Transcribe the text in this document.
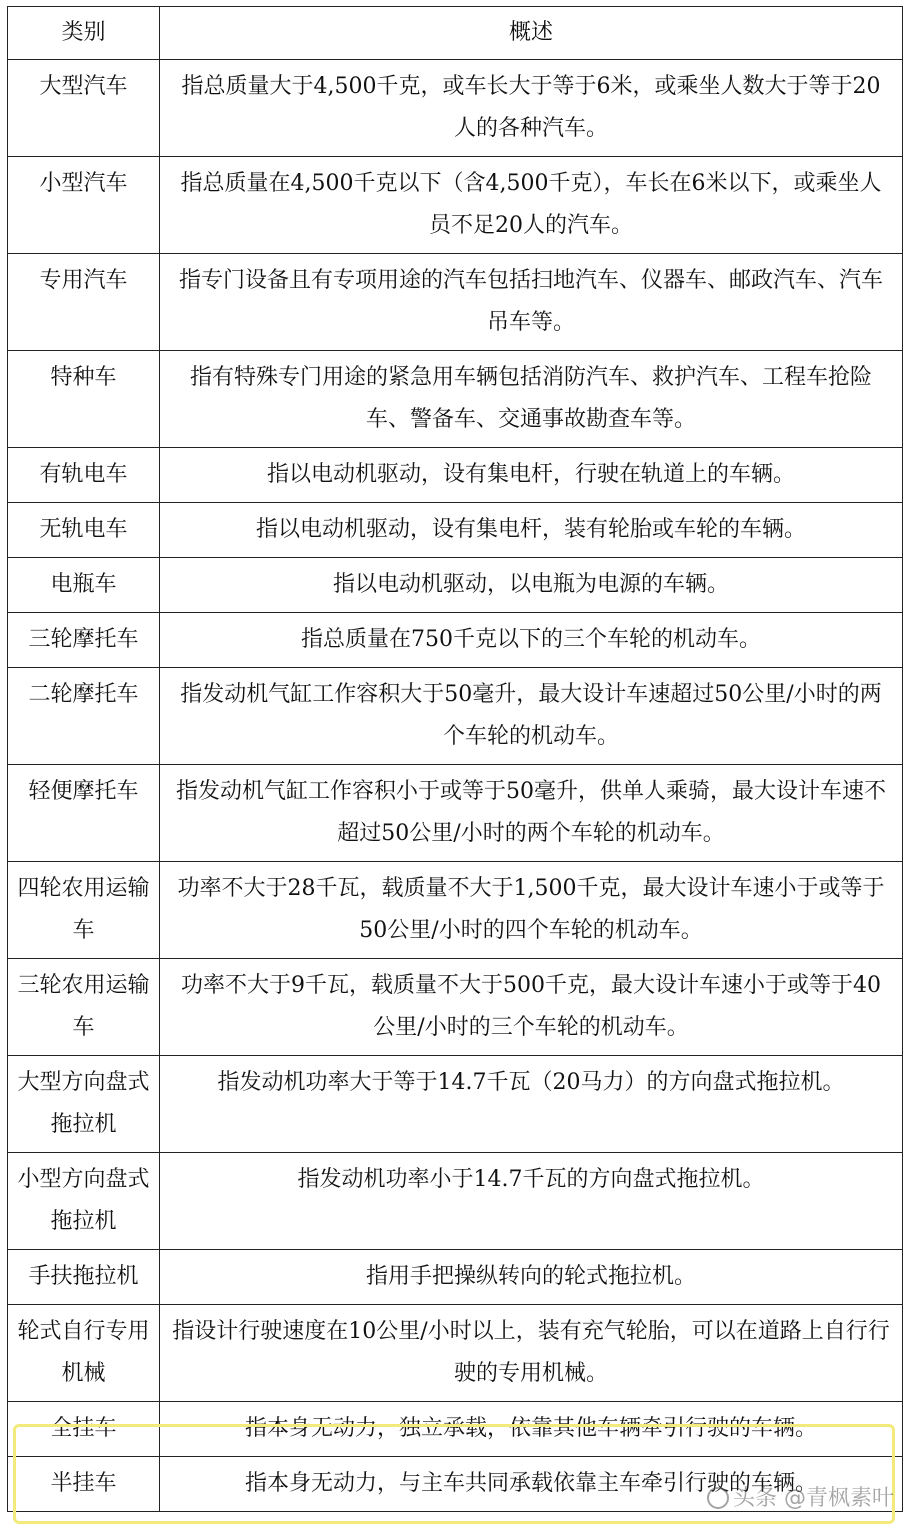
类别	概述
大型汽车	指总质量大于4,500千克，或车长大于等于6米，或乘坐人数大于等于20人的各种汽车。
小型汽车	指总质量在4,500千克以下（含4,500千克），车长在6米以下，或乘坐人员不足20人的汽车。
专用汽车	指专门设备且有专项用途的汽车包括扫地汽车、仪器车、邮政汽车、汽车吊车等。
特种车	指有特殊专门用途的紧急用车辆包括消防汽车、救护汽车、工程车抢险车、警备车、交通事故勘查车等。
有轨电车	指以电动机驱动，设有集电杆，行驶在轨道上的车辆。
无轨电车	指以电动机驱动，设有集电杆，装有轮胎或车轮的车辆。
电瓶车	指以电动机驱动，以电瓶为电源的车辆。
三轮摩托车	指总质量在750千克以下的三个车轮的机动车。
二轮摩托车	指发动机气缸工作容积大于50毫升，最大设计车速超过50公里/小时的两个车轮的机动车。
轻便摩托车	指发动机气缸工作容积小于或等于50毫升，供单人乘骑，最大设计车速不超过50公里/小时的两个车轮的机动车。
四轮农用运输车	功率不大于28千瓦，载质量不大于1,500千克，最大设计车速小于或等于50公里/小时的四个车轮的机动车。
三轮农用运输车	功率不大于9千瓦，载质量不大于500千克，最大设计车速小于或等于40公里/小时的三个车轮的机动车。
大型方向盘式拖拉机	指发动机功率大于等于14.7千瓦（20马力）的方向盘式拖拉机。
小型方向盘式拖拉机	指发动机功率小于14.7千瓦的方向盘式拖拉机。
手扶拖拉机	指用手把操纵转向的轮式拖拉机。
轮式自行专用机械	指设计行驶速度在10公里/小时以上，装有充气轮胎，可以在道路上自行行驶的专用机械。
全挂车	指本身无动力，独立承载，依靠其他车辆牵引行驶的车辆。
半挂车	指本身无动力，与主车共同承载依靠主车牵引行驶的车辆。
头条 @青枫素叶
